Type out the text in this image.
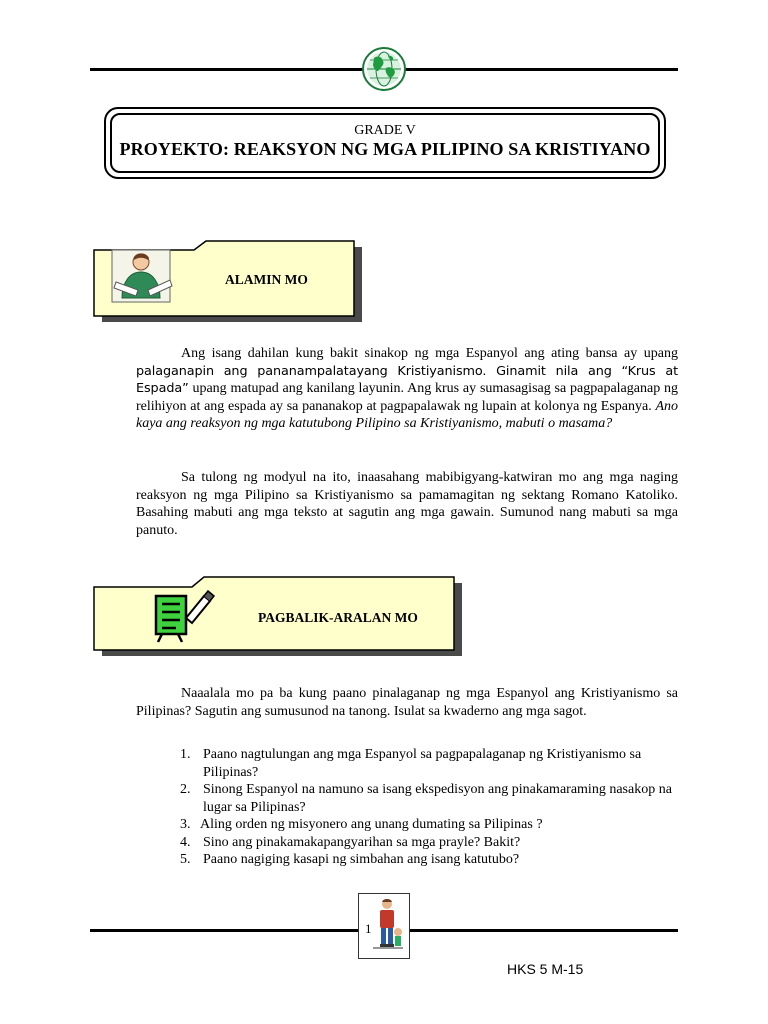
GRADE V
PROYEKTO: REAKSYON NG MGA PILIPINO SA KRISTIYANO
ALAMIN MO
Ang isang dahilan kung bakit sinakop ng mga Espanyol ang ating bansa ay upang palaganapin ang pananampalatayang Kristiyanismo. Ginamit nila ang “Krus at Espada” upang matupad ang kanilang layunin. Ang krus ay sumasagisag sa pagpapalaganap ng relihiyon at ang espada ay sa pananakop at pagpapalawak ng lupain at kolonya ng Espanya. Ano kaya ang reaksyon ng mga katutubong Pilipino sa Kristiyanismo, mabuti o masama?
Sa tulong ng modyul na ito, inaasahang mabibigyang-katwiran mo ang mga naging reaksyon ng mga Pilipino sa Kristiyanismo sa pamamagitan ng sektang Romano Katoliko. Basahing mabuti ang mga teksto at sagutin ang mga gawain. Sumunod nang mabuti sa mga panuto.
PAGBALIK-ARALAN MO
Naaalala mo pa ba kung paano pinalaganap ng mga Espanyol ang Kristiyanismo sa Pilipinas? Sagutin ang sumusunod na tanong. Isulat sa kwaderno ang mga sagot.
1. Paano nagtulungan ang mga Espanyol sa pagpapalaganap ng Kristiyanismo sa Pilipinas?
2. Sinong Espanyol na namuno sa isang ekspedisyon ang pinakamaraming nasakop na lugar sa Pilipinas?
3. Aling orden ng misyonero ang unang dumating sa Pilipinas ?
4. Sino ang pinakamakapangyarihan sa mga prayle? Bakit?
5. Paano nagiging kasapi ng simbahan ang isang katutubo?
1
HKS 5 M-15
